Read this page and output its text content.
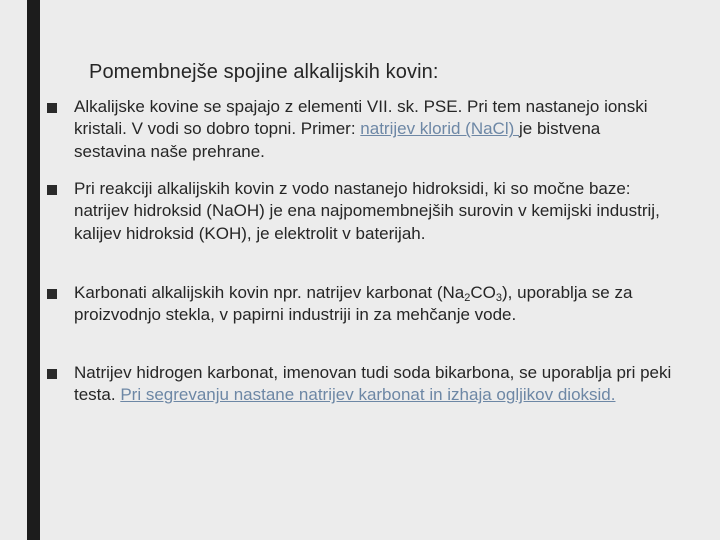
Pomembnejše spojine alkalijskih kovin:
Alkalijske kovine se spajajo z elementi VII. sk. PSE. Pri tem nastanejo ionski kristali. V vodi so dobro topni. Primer: natrijev klorid (NaCl) je bistvena sestavina naše prehrane.
Pri reakciji alkalijskih kovin z vodo nastanejo hidroksidi, ki so močne baze: natrijev hidroksid (NaOH) je ena najpomembnejših surovin v kemijski industrij, kalijev hidroksid (KOH), je elektrolit v baterijah.
Karbonati alkalijskih kovin npr. natrijev karbonat $(Na_2CO_3)$, uporablja se za proizvodnjo stekla, v papirni industriji in za mehčanje vode.
Natrijev hidrogen karbonat, imenovan tudi soda bikarbona, se uporablja pri peki testa. Pri segrevanju nastane natrijev karbonat in izhaja ogljikov dioksid.
